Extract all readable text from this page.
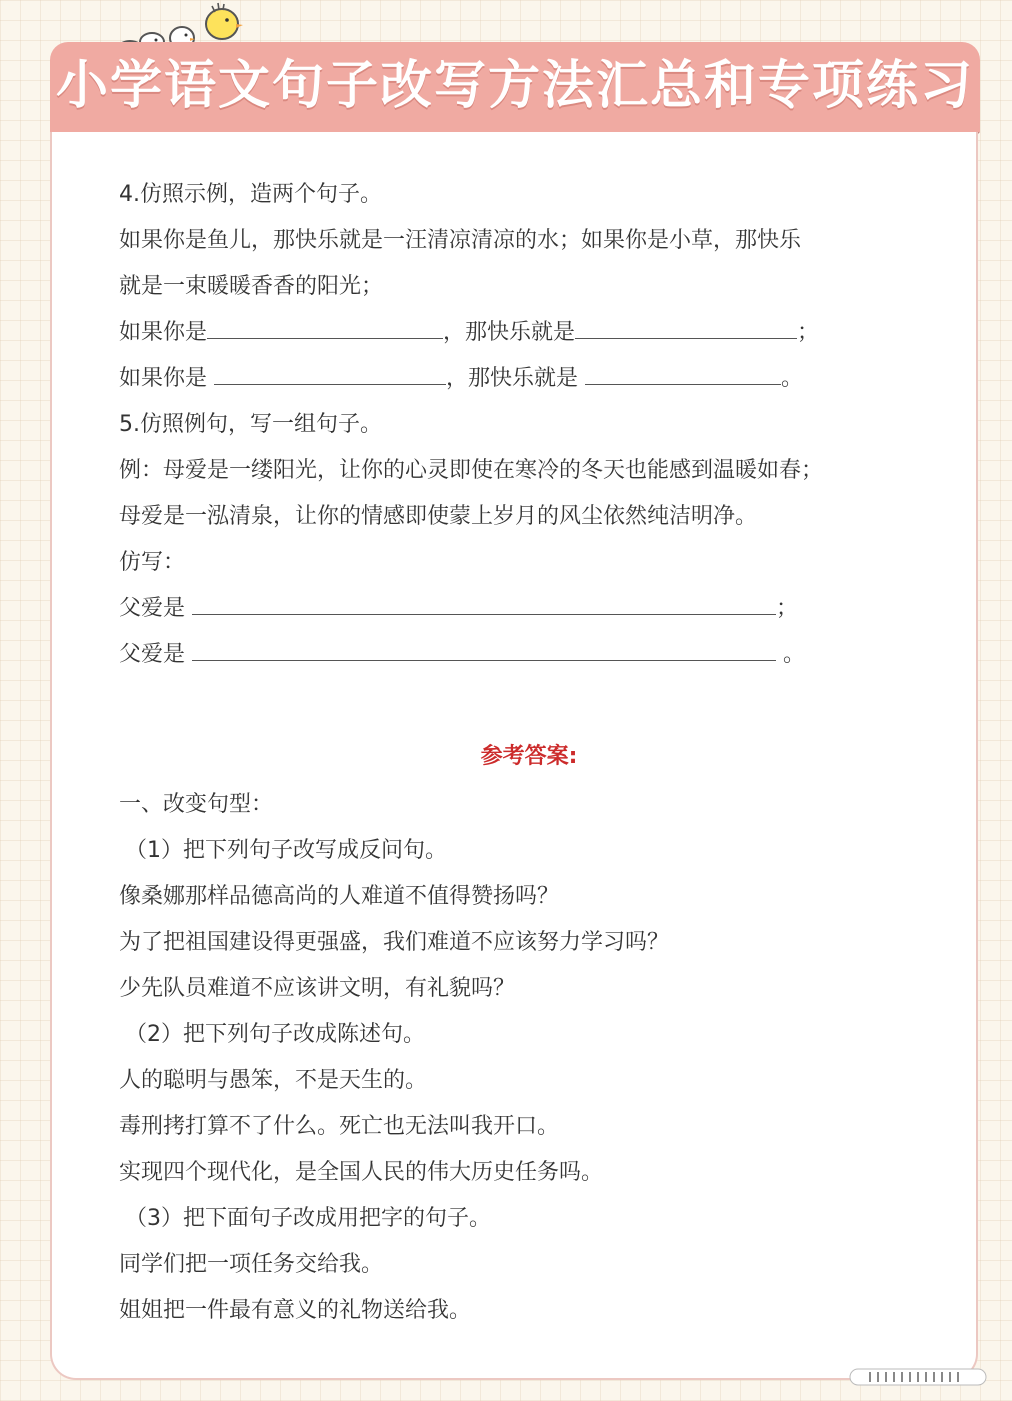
小学语文句子改写方法汇总和专项练习
4.仿照示例，造两个句子。
如果你是鱼儿，那快乐就是一汪清凉清凉的水；如果你是小草，那快乐
就是一束暖暖香香的阳光；
如果你是	，那快乐就是	；
如果你是	，那快乐就是	。
5.仿照例句，写一组句子。
例：母爱是一缕阳光，让你的心灵即使在寒冷的冬天也能感到温暖如春；
母爱是一泓清泉，让你的情感即使蒙上岁月的风尘依然纯洁明净。
仿写：
父爱是	；
父爱是	。
参考答案:
一、改变句型：
（1）把下列句子改写成反问句。
像桑娜那样品德高尚的人难道不值得赞扬吗？
为了把祖国建设得更强盛，我们难道不应该努力学习吗？
少先队员难道不应该讲文明，有礼貌吗？
（2）把下列句子改成陈述句。
人的聪明与愚笨，不是天生的。
毒刑拷打算不了什么。死亡也无法叫我开口。
实现四个现代化，是全国人民的伟大历史任务吗。
（3）把下面句子改成用把字的句子。
同学们把一项任务交给我。
姐姐把一件最有意义的礼物送给我。
